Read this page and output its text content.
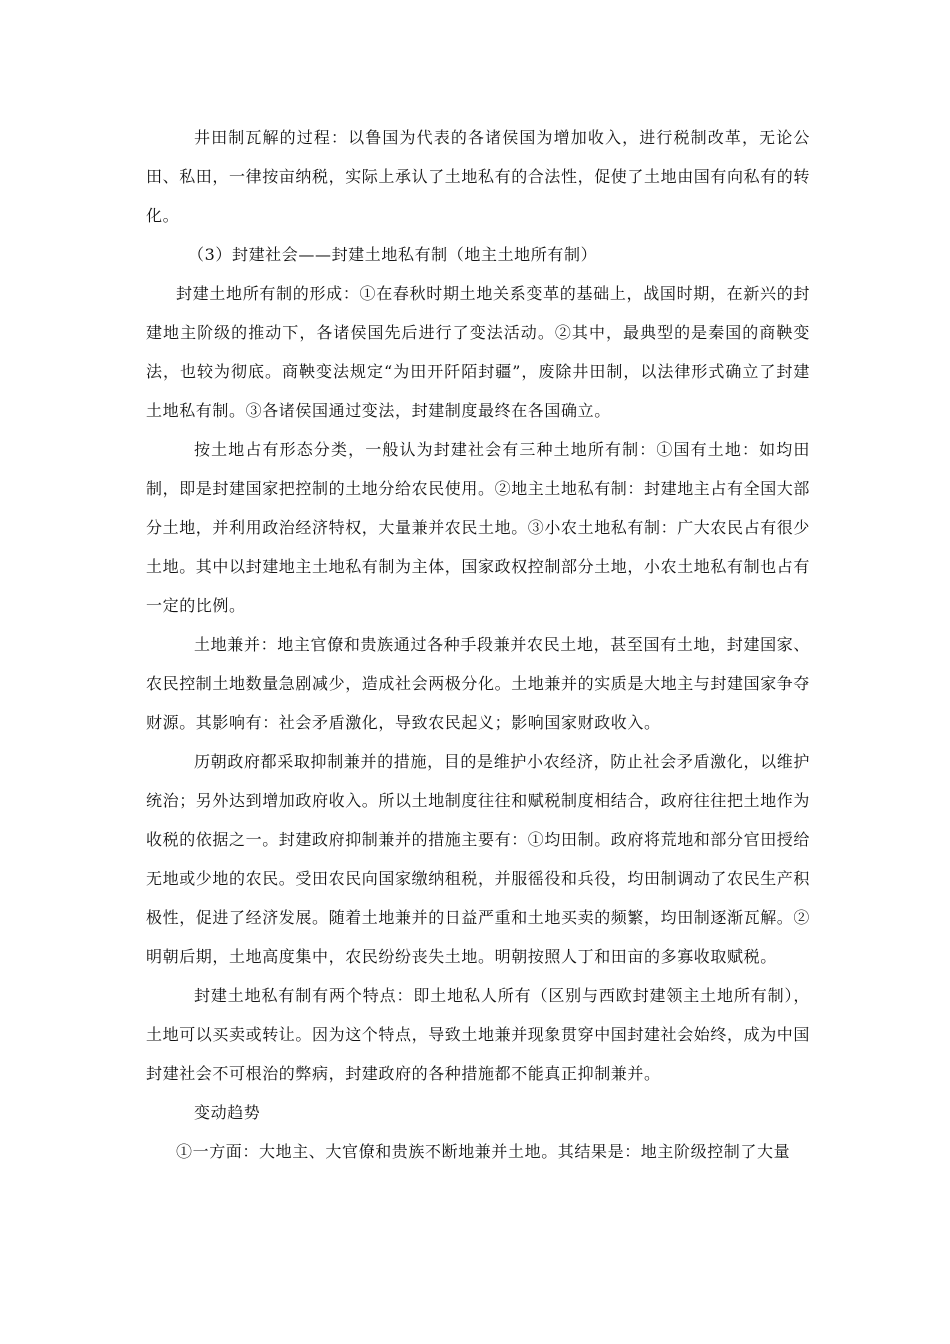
井田制瓦解的过程：以鲁国为代表的各诸侯国为增加收入，进行税制改革，无论公田、私田，一律按亩纳税，实际上承认了土地私有的合法性，促使了土地由国有向私有的转化。

（3）封建社会——封建土地私有制（地主土地所有制）

封建土地所有制的形成：①在春秋时期土地关系变革的基础上，战国时期，在新兴的封建地主阶级的推动下，各诸侯国先后进行了变法活动。②其中，最典型的是秦国的商鞅变法，也较为彻底。商鞅变法规定“为田开阡陌封疆”，废除井田制，以法律形式确立了封建土地私有制。③各诸侯国通过变法，封建制度最终在各国确立。

按土地占有形态分类，一般认为封建社会有三种土地所有制：①国有土地：如均田制，即是封建国家把控制的土地分给农民使用。②地主土地私有制：封建地主占有全国大部分土地，并利用政治经济特权，大量兼并农民土地。③小农土地私有制：广大农民占有很少土地。其中以封建地主土地私有制为主体，国家政权控制部分土地，小农土地私有制也占有一定的比例。

土地兼并：地主官僚和贵族通过各种手段兼并农民土地，甚至国有土地，封建国家、农民控制土地数量急剧减少，造成社会两极分化。土地兼并的实质是大地主与封建国家争夺财源。其影响有：社会矛盾激化，导致农民起义；影响国家财政收入。

历朝政府都采取抑制兼并的措施，目的是维护小农经济，防止社会矛盾激化，以维护统治；另外达到增加政府收入。所以土地制度往往和赋税制度相结合，政府往往把土地作为收税的依据之一。封建政府抑制兼并的措施主要有：①均田制。政府将荒地和部分官田授给无地或少地的农民。受田农民向国家缴纳租税，并服徭役和兵役，均田制调动了农民生产积极性，促进了经济发展。随着土地兼并的日益严重和土地买卖的频繁，均田制逐渐瓦解。②明朝后期，土地高度集中，农民纷纷丧失土地。明朝按照人丁和田亩的多寡收取赋税。

封建土地私有制有两个特点：即土地私人所有（区别与西欧封建领主土地所有制），土地可以买卖或转让。因为这个特点，导致土地兼并现象贯穿中国封建社会始终，成为中国封建社会不可根治的弊病，封建政府的各种措施都不能真正抑制兼并。

变动趋势

①一方面：大地主、大官僚和贵族不断地兼并土地。其结果是：地主阶级控制了大量
